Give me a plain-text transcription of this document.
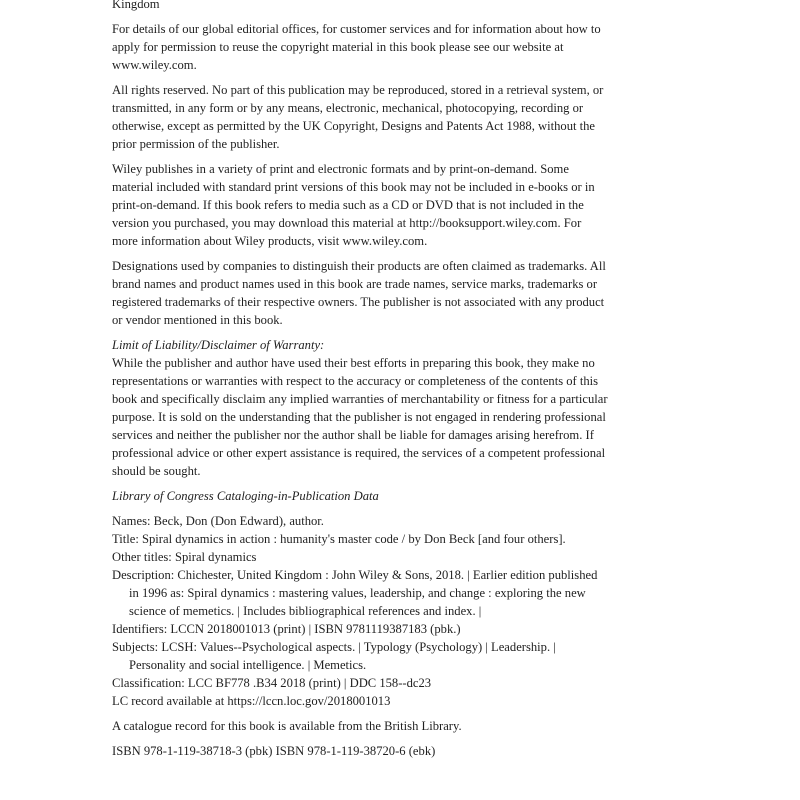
Kingdom
For details of our global editorial offices, for customer services and for information about how to
apply for permission to reuse the copyright material in this book please see our website at
www.wiley.com.
All rights reserved. No part of this publication may be reproduced, stored in a retrieval system, or
transmitted, in any form or by any means, electronic, mechanical, photocopying, recording or
otherwise, except as permitted by the UK Copyright, Designs and Patents Act 1988, without the
prior permission of the publisher.
Wiley publishes in a variety of print and electronic formats and by print-on-demand. Some
material included with standard print versions of this book may not be included in e-books or in
print-on-demand. If this book refers to media such as a CD or DVD that is not included in the
version you purchased, you may download this material at http://booksupport.wiley.com. For
more information about Wiley products, visit www.wiley.com.
Designations used by companies to distinguish their products are often claimed as trademarks. All
brand names and product names used in this book are trade names, service marks, trademarks or
registered trademarks of their respective owners. The publisher is not associated with any product
or vendor mentioned in this book.
Limit of Liability/Disclaimer of Warranty:
While the publisher and author have used their best efforts in preparing this book, they make no
representations or warranties with respect to the accuracy or completeness of the contents of this
book and specifically disclaim any implied warranties of merchantability or fitness for a particular
purpose. It is sold on the understanding that the publisher is not engaged in rendering professional
services and neither the publisher nor the author shall be liable for damages arising herefrom. If
professional advice or other expert assistance is required, the services of a competent professional
should be sought.
Library of Congress Cataloging-in-Publication Data
Names: Beck, Don (Don Edward), author.
Title: Spiral dynamics in action : humanity's master code / by Don Beck [and four others].
Other titles: Spiral dynamics
Description: Chichester, United Kingdom : John Wiley & Sons, 2018. | Earlier edition published
in 1996 as: Spiral dynamics : mastering values, leadership, and change : exploring the new
science of memetics. | Includes bibliographical references and index. |
Identifiers: LCCN 2018001013 (print) | ISBN 9781119387183 (pbk.)
Subjects: LCSH: Values--Psychological aspects. | Typology (Psychology) | Leadership. |
Personality and social intelligence. | Memetics.
Classification: LCC BF778 .B34 2018 (print) | DDC 158--dc23
LC record available at https://lccn.loc.gov/2018001013
A catalogue record for this book is available from the British Library.
ISBN 978-1-119-38718-3 (pbk) ISBN 978-1-119-38720-6 (ebk)
